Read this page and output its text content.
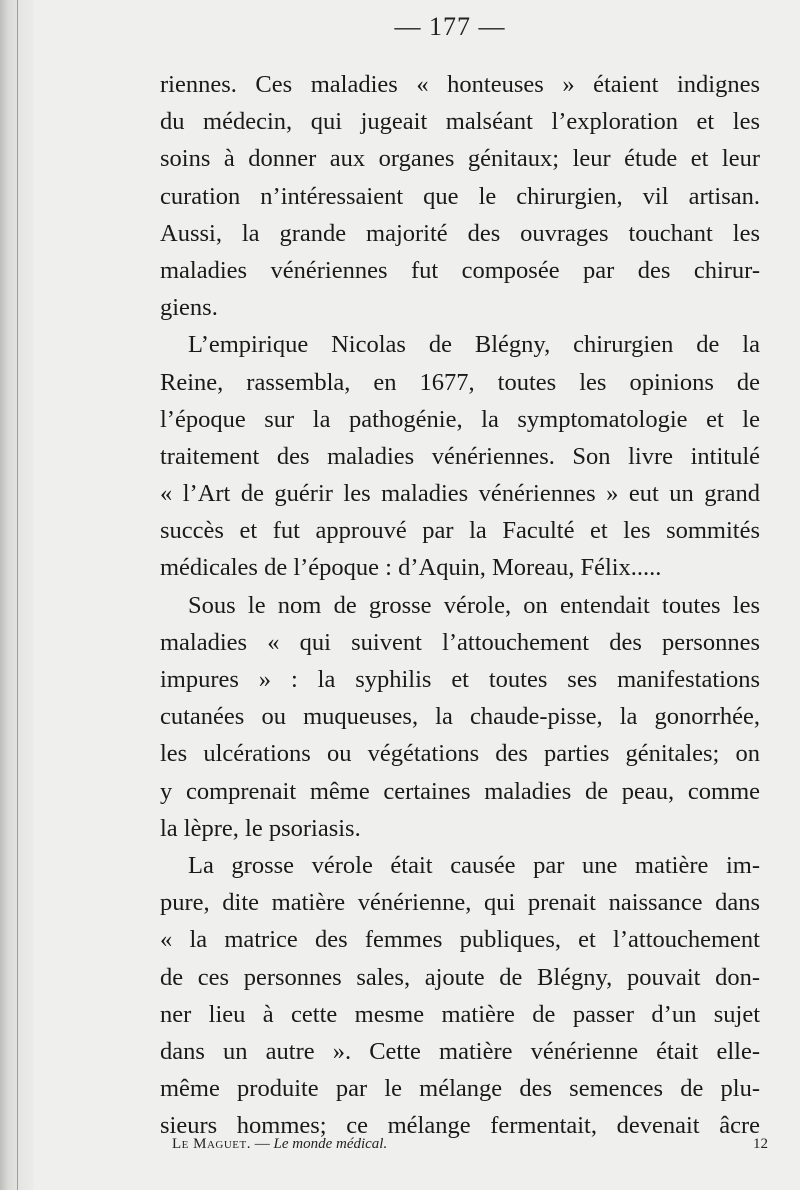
— 177 —
riennes. Ces maladies « honteuses » étaient indignes
du médecin, qui jugeait malséant l’exploration et les
soins à donner aux organes génitaux; leur étude et leur
curation n’intéressaient que le chirurgien, vil artisan.
Aussi, la grande majorité des ouvrages touchant les
maladies vénériennes fut composée par des chirur-
giens.
L’empirique Nicolas de Blégny, chirurgien de la
Reine, rassembla, en 1677, toutes les opinions de
l’époque sur la pathogénie, la symptomatologie et le
traitement des maladies vénériennes. Son livre intitulé
« l’Art de guérir les maladies vénériennes » eut un grand
succès et fut approuvé par la Faculté et les sommités
médicales de l’époque : d’Aquin, Moreau, Félix.....
Sous le nom de grosse vérole, on entendait toutes les
maladies « qui suivent l’attouchement des personnes
impures » : la syphilis et toutes ses manifestations
cutanées ou muqueuses, la chaude-pisse, la gonorrhée,
les ulcérations ou végétations des parties génitales; on
y comprenait même certaines maladies de peau, comme
la lèpre, le psoriasis.
La grosse vérole était causée par une matière im-
pure, dite matière vénérienne, qui prenait naissance dans
« la matrice des femmes publiques, et l’attouchement
de ces personnes sales, ajoute de Blégny, pouvait don-
ner lieu à cette mesme matière de passer d’un sujet
dans un autre ». Cette matière vénérienne était elle-
même produite par le mélange des semences de plu-
sieurs hommes; ce mélange fermentait, devenait âcre
Le Maguet. — Le monde médical.	12
